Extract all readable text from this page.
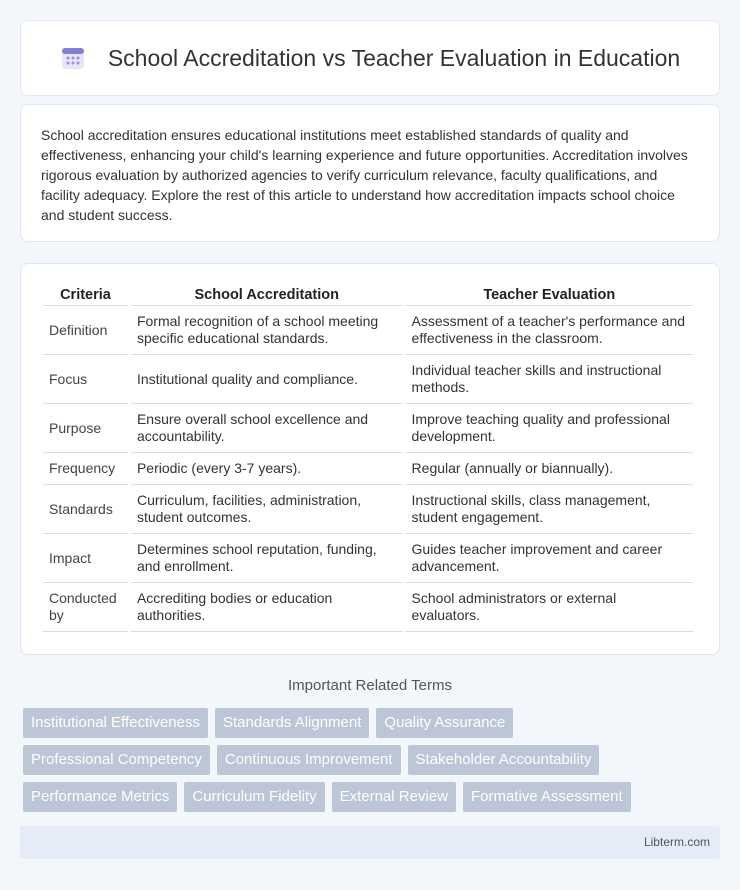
School Accreditation vs Teacher Evaluation in Education

School accreditation ensures educational institutions meet established standards of quality and effectiveness, enhancing your child's learning experience and future opportunities. Accreditation involves rigorous evaluation by authorized agencies to verify curriculum relevance, faculty qualifications, and facility adequacy. Explore the rest of this article to understand how accreditation impacts school choice and student success.

Criteria	School Accreditation	Teacher Evaluation
Definition	Formal recognition of a school meeting specific educational standards.	Assessment of a teacher's performance and effectiveness in the classroom.
Focus	Institutional quality and compliance.	Individual teacher skills and instructional methods.
Purpose	Ensure overall school excellence and accountability.	Improve teaching quality and professional development.
Frequency	Periodic (every 3-7 years).	Regular (annually or biannually).
Standards	Curriculum, facilities, administration, student outcomes.	Instructional skills, class management, student engagement.
Impact	Determines school reputation, funding, and enrollment.	Guides teacher improvement and career advancement.
Conducted by	Accrediting bodies or education authorities.	School administrators or external evaluators.
Important Related Terms
Institutional Effectiveness	Standards Alignment	Quality Assurance
Professional Competency	Continuous Improvement	Stakeholder Accountability
Performance Metrics	Curriculum Fidelity	External Review	Formative Assessment
Libterm.com
